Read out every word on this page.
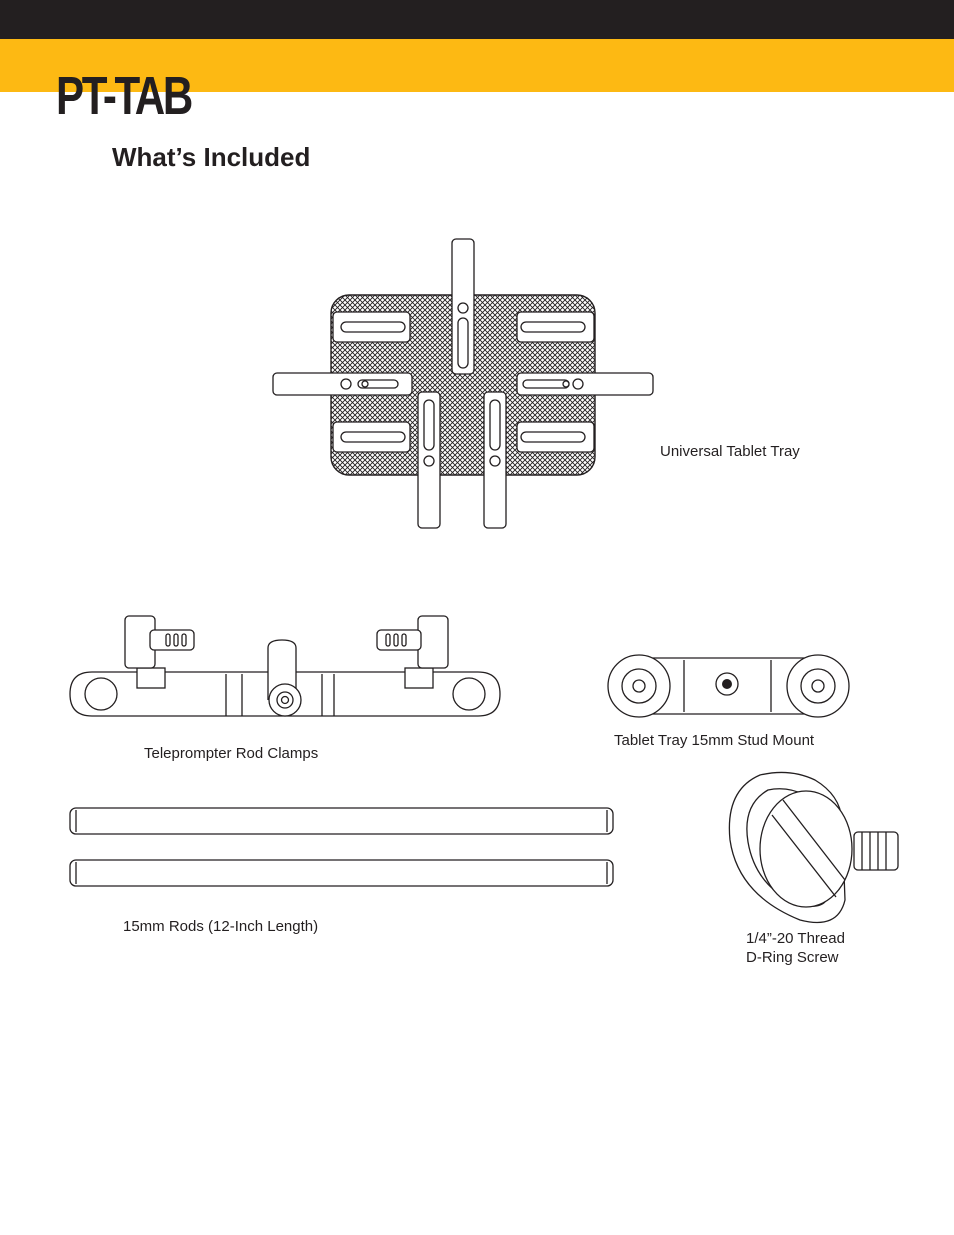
PT-TAB
What’s Included
Universal Tablet Tray
Teleprompter Rod Clamps
Tablet Tray 15mm Stud Mount
15mm Rods (12-Inch Length)
1/4”-20 Thread
D-Ring Screw
